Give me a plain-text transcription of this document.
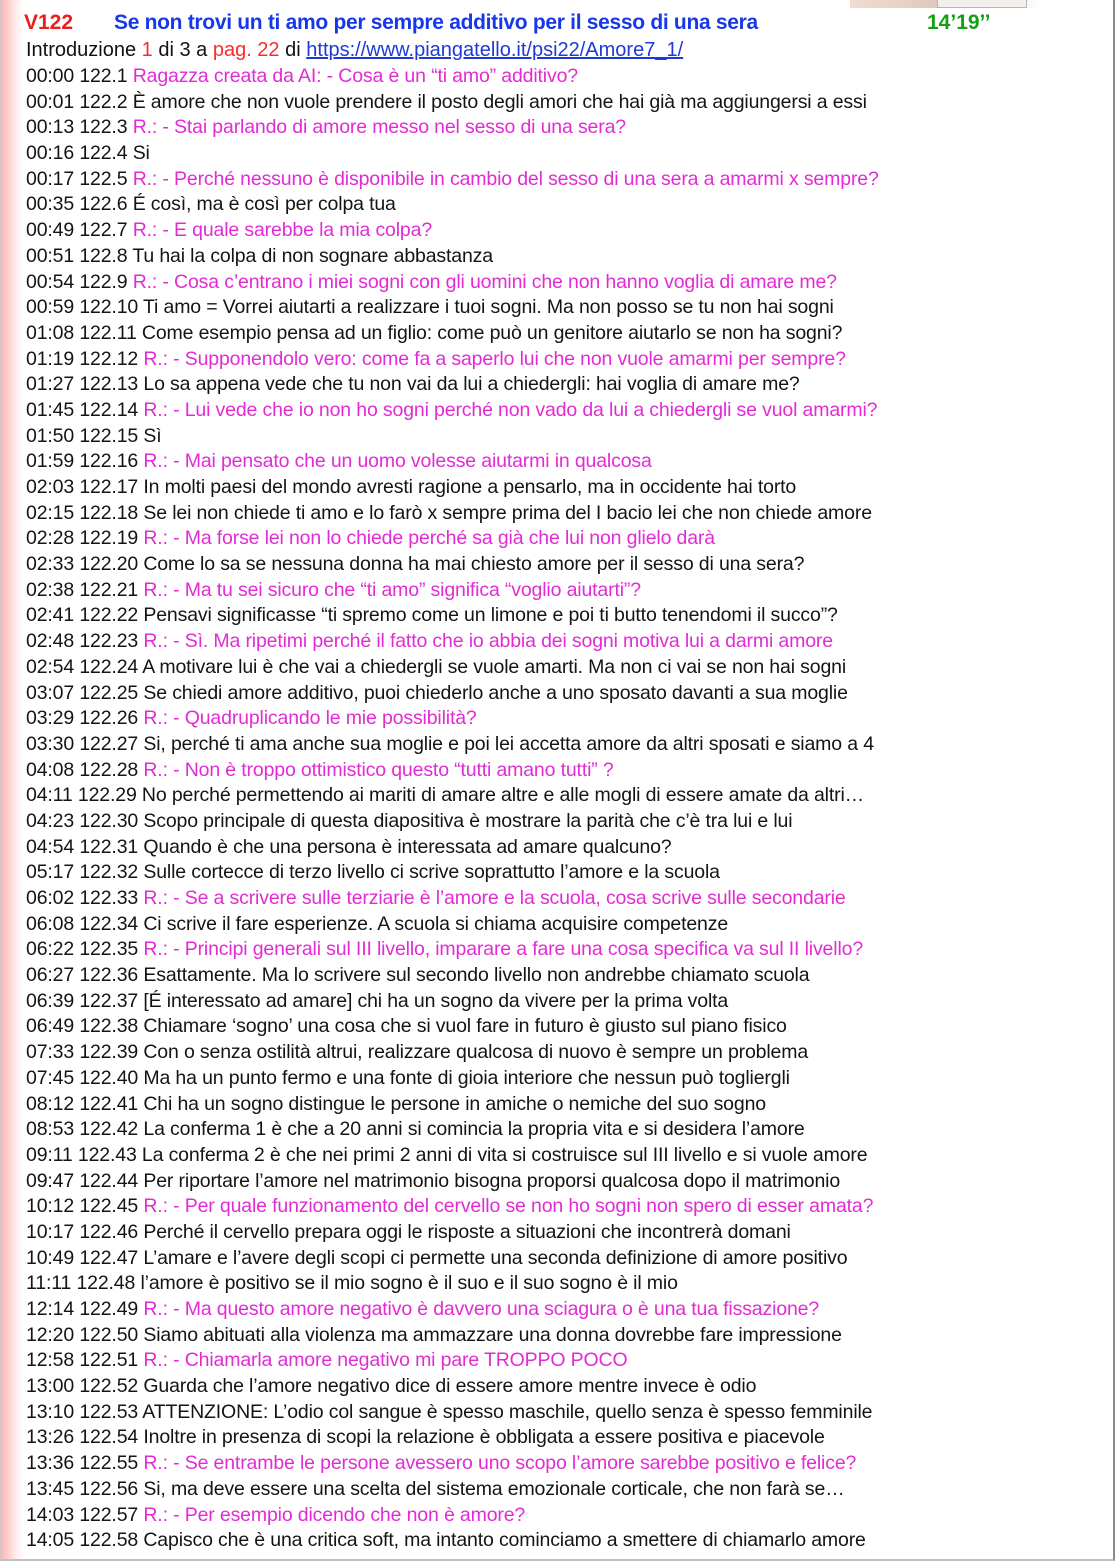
V122 Se non trovi un ti amo per sempre additivo per il sesso di una sera	14’19’’
Introduzione 1 di 3 a pag. 22 di https://www.piangatello.it/psi22/Amore7_1/
00:00 122.1 Ragazza creata da AI: - Cosa è un “ti amo” additivo?
00:01 122.2 È amore che non vuole prendere il posto degli amori che hai già ma aggiungersi a essi
00:13 122.3 R.: - Stai parlando di amore messo nel sesso di una sera?
00:16 122.4 Si
00:17 122.5 R.: - Perché nessuno è disponibile in cambio del sesso di una sera a amarmi x sempre?
00:35 122.6 É così, ma è così per colpa tua
00:49 122.7 R.: - E quale sarebbe la mia colpa?
00:51 122.8 Tu hai la colpa di non sognare abbastanza
00:54 122.9 R.: - Cosa c’entrano i miei sogni con gli uomini che non hanno voglia di amare me?
00:59 122.10 Ti amo = Vorrei aiutarti a realizzare i tuoi sogni. Ma non posso se tu non hai sogni
01:08 122.11 Come esempio pensa ad un figlio: come può un genitore aiutarlo se non ha sogni?
01:19 122.12 R.: - Supponendolo vero: come fa a saperlo lui che non vuole amarmi per sempre?
01:27 122.13 Lo sa appena vede che tu non vai da lui a chiedergli: hai voglia di amare me?
01:45 122.14 R.: - Lui vede che io non ho sogni perché non vado da lui a chiedergli se vuol amarmi?
01:50 122.15 Sì
01:59 122.16 R.: - Mai pensato che un uomo volesse aiutarmi in qualcosa
02:03 122.17 In molti paesi del mondo avresti ragione a pensarlo, ma in occidente hai torto
02:15 122.18 Se lei non chiede ti amo e lo farò x sempre prima del I bacio lei che non chiede amore
02:28 122.19 R.: - Ma forse lei non lo chiede perché sa già che lui non glielo darà
02:33 122.20 Come lo sa se nessuna donna ha mai chiesto amore per il sesso di una sera?
02:38 122.21 R.: - Ma tu sei sicuro che “ti amo” significa “voglio aiutarti”?
02:41 122.22 Pensavi significasse “ti spremo come un limone e poi ti butto tenendomi il succo”?
02:48 122.23 R.: - Sì. Ma ripetimi perché il fatto che io abbia dei sogni motiva lui a darmi amore
02:54 122.24 A motivare lui è che vai a chiedergli se vuole amarti. Ma non ci vai se non hai sogni
03:07 122.25 Se chiedi amore additivo, puoi chiederlo anche a uno sposato davanti a sua moglie
03:29 122.26 R.: - Quadruplicando le mie possibilità?
03:30 122.27 Si, perché ti ama anche sua moglie e poi lei accetta amore da altri sposati e siamo a 4
04:08 122.28 R.: - Non è troppo ottimistico questo “tutti amano tutti” ?
04:11 122.29 No perché permettendo ai mariti di amare altre e alle mogli di essere amate da altri…
04:23 122.30 Scopo principale di questa diapositiva è mostrare la parità che c’è tra lui e lui
04:54 122.31 Quando è che una persona è interessata ad amare qualcuno?
05:17 122.32 Sulle cortecce di terzo livello ci scrive soprattutto l’amore e la scuola
06:02 122.33 R.: - Se a scrivere sulle terziarie è l’amore e la scuola, cosa scrive sulle secondarie
06:08 122.34 Ci scrive il fare esperienze. A scuola si chiama acquisire competenze
06:22 122.35 R.: - Principi generali sul III livello, imparare a fare una cosa specifica va sul II livello?
06:27 122.36 Esattamente. Ma lo scrivere sul secondo livello non andrebbe chiamato scuola
06:39 122.37 [É interessato ad amare] chi ha un sogno da vivere per la prima volta
06:49 122.38 Chiamare ‘sogno’ una cosa che si vuol fare in futuro è giusto sul piano fisico
07:33 122.39 Con o senza ostilità altrui, realizzare qualcosa di nuovo è sempre un problema
07:45 122.40 Ma ha un punto fermo e una fonte di gioia interiore che nessun può togliergli
08:12 122.41 Chi ha un sogno distingue le persone in amiche o nemiche del suo sogno
08:53 122.42 La conferma 1 è che a 20 anni si comincia la propria vita e si desidera l’amore
09:11 122.43 La conferma 2 è che nei primi 2 anni di vita si costruisce sul III livello e si vuole amore
09:47 122.44 Per riportare l’amore nel matrimonio bisogna proporsi qualcosa dopo il matrimonio
10:12 122.45 R.: - Per quale funzionamento del cervello se non ho sogni non spero di esser amata?
10:17 122.46 Perché il cervello prepara oggi le risposte a situazioni che incontrerà domani
10:49 122.47 L’amare e l’avere degli scopi ci permette una seconda definizione di amore positivo
11:11 122.48 l’amore è positivo se il mio sogno è il suo e il suo sogno è il mio
12:14 122.49 R.: - Ma questo amore negativo è davvero una sciagura o è una tua fissazione?
12:20 122.50 Siamo abituati alla violenza ma ammazzare una donna dovrebbe fare impressione
12:58 122.51 R.: - Chiamarla amore negativo mi pare TROPPO POCO
13:00 122.52 Guarda che l’amore negativo dice di essere amore mentre invece è odio
13:10 122.53 ATTENZIONE: L’odio col sangue è spesso maschile, quello senza è spesso femminile
13:26 122.54 Inoltre in presenza di scopi la relazione è obbligata a essere positiva e piacevole
13:36 122.55 R.: - Se entrambe le persone avessero uno scopo l’amore sarebbe positivo e felice?
13:45 122.56 Si, ma deve essere una scelta del sistema emozionale corticale, che non farà se…
14:03 122.57 R.: - Per esempio dicendo che non è amore?
14:05 122.58 Capisco che è una critica soft, ma intanto cominciamo a smettere di chiamarlo amore
